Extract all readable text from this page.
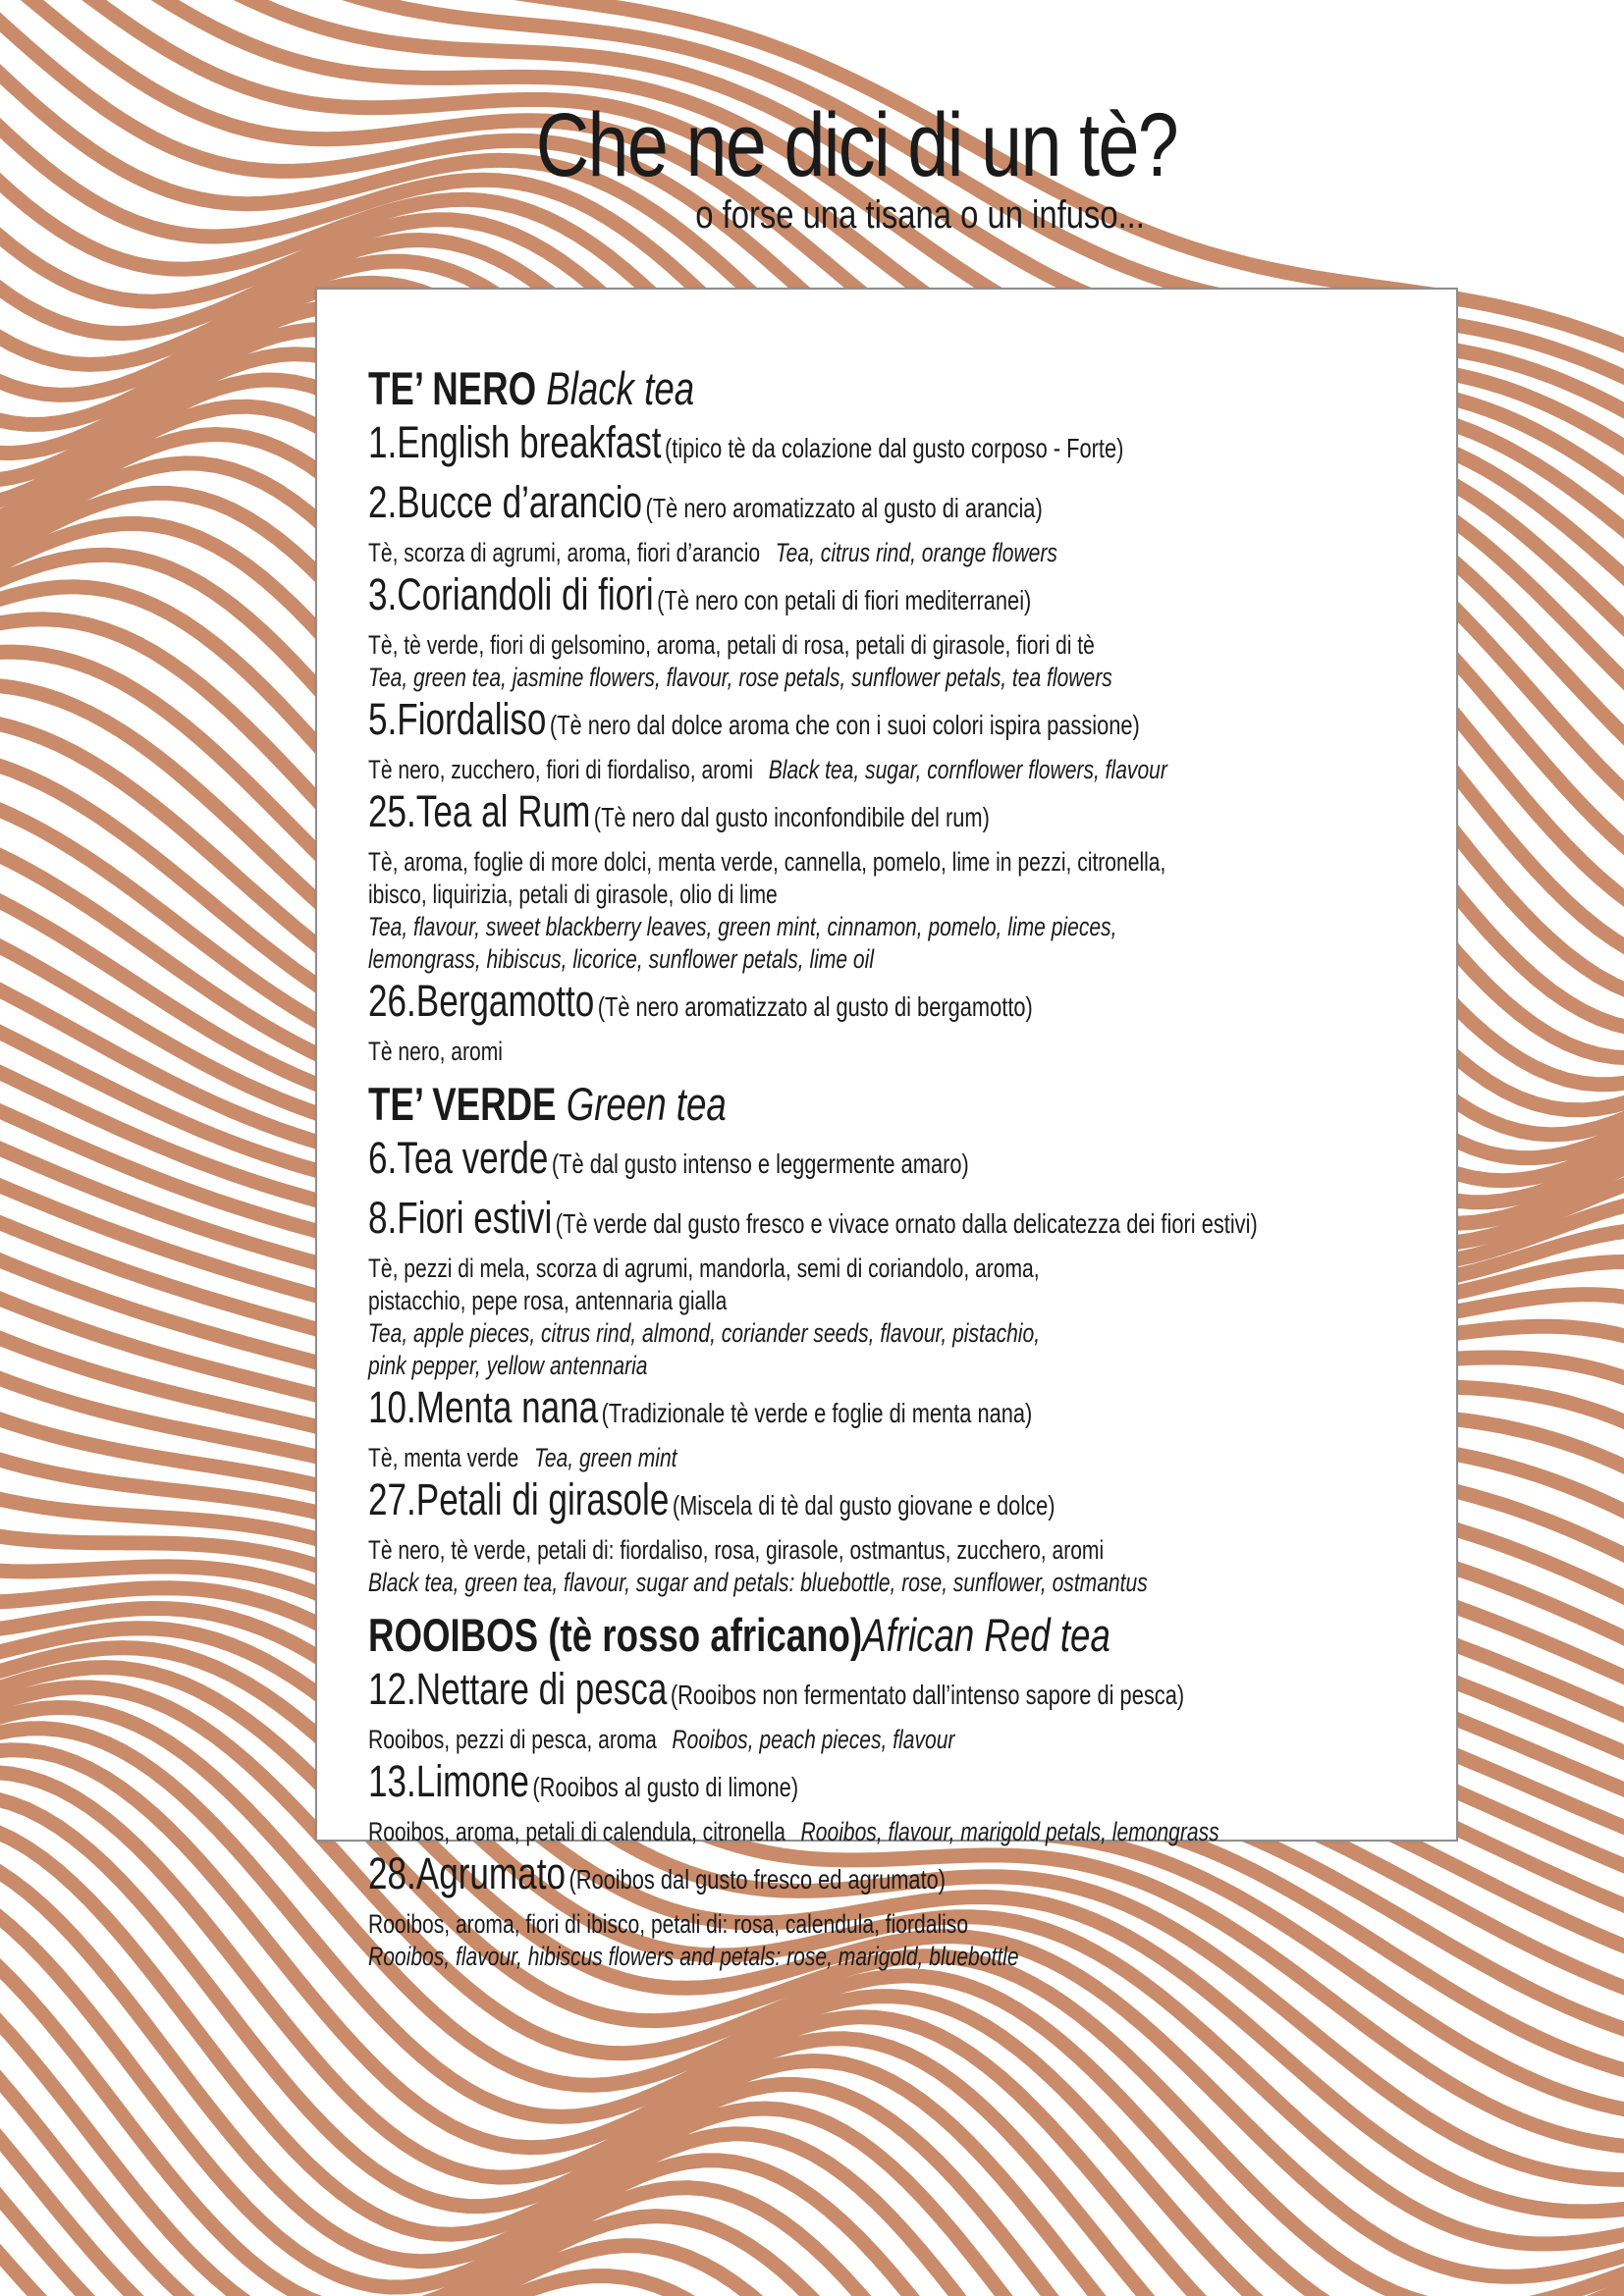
Che ne dici di un tè?
o forse una tisana o un infuso...
TE’ NERO Black tea
1.English breakfast (tipico tè da colazione dal gusto corposo - Forte)
2.Bucce d’arancio (Tè nero aromatizzato al gusto di arancia)
Tè, scorza di agrumi, aroma, fiori d’arancio Tea, citrus rind, orange flowers
3.Coriandoli di fiori (Tè nero con petali di fiori mediterranei)
Tè, tè verde, fiori di gelsomino, aroma, petali di rosa, petali di girasole, fiori di tè
Tea, green tea, jasmine flowers, flavour, rose petals, sunflower petals, tea flowers
5.Fiordaliso (Tè nero dal dolce aroma che con i suoi colori ispira passione)
Tè nero, zucchero, fiori di fiordaliso, aromi Black tea, sugar, cornflower flowers, flavour
25.Tea al Rum (Tè nero dal gusto inconfondibile del rum)
Tè, aroma, foglie di more dolci, menta verde, cannella, pomelo, lime in pezzi, citronella,
ibisco, liquirizia, petali di girasole, olio di lime
Tea, flavour, sweet blackberry leaves, green mint, cinnamon, pomelo, lime pieces,
lemongrass, hibiscus, licorice, sunflower petals, lime oil
26.Bergamotto (Tè nero aromatizzato al gusto di bergamotto)
Tè nero, aromi
TE’ VERDE Green tea
6.Tea verde (Tè dal gusto intenso e leggermente amaro)
8.Fiori estivi (Tè verde dal gusto fresco e vivace ornato dalla delicatezza dei fiori estivi)
Tè, pezzi di mela, scorza di agrumi, mandorla, semi di coriandolo, aroma,
pistacchio, pepe rosa, antennaria gialla
Tea, apple pieces, citrus rind, almond, coriander seeds, flavour, pistachio,
pink pepper, yellow antennaria
10.Menta nana (Tradizionale tè verde e foglie di menta nana)
Tè, menta verde Tea, green mint
27.Petali di girasole (Miscela di tè dal gusto giovane e dolce)
Tè nero, tè verde, petali di: fiordaliso, rosa, girasole, ostmantus, zucchero, aromi
Black tea, green tea, flavour, sugar and petals: bluebottle, rose, sunflower, ostmantus
ROOIBOS (tè rosso africano)African Red tea
12.Nettare di pesca (Rooibos non fermentato dall’intenso sapore di pesca)
Rooibos, pezzi di pesca, aroma Rooibos, peach pieces, flavour
13.Limone (Rooibos al gusto di limone)
Rooibos, aroma, petali di calendula, citronella Rooibos, flavour, marigold petals, lemongrass
28.Agrumato (Rooibos dal gusto fresco ed agrumato)
Rooibos, aroma, fiori di ibisco, petali di: rosa, calendula, fiordaliso
Rooibos, flavour, hibiscus flowers and petals: rose, marigold, bluebottle
